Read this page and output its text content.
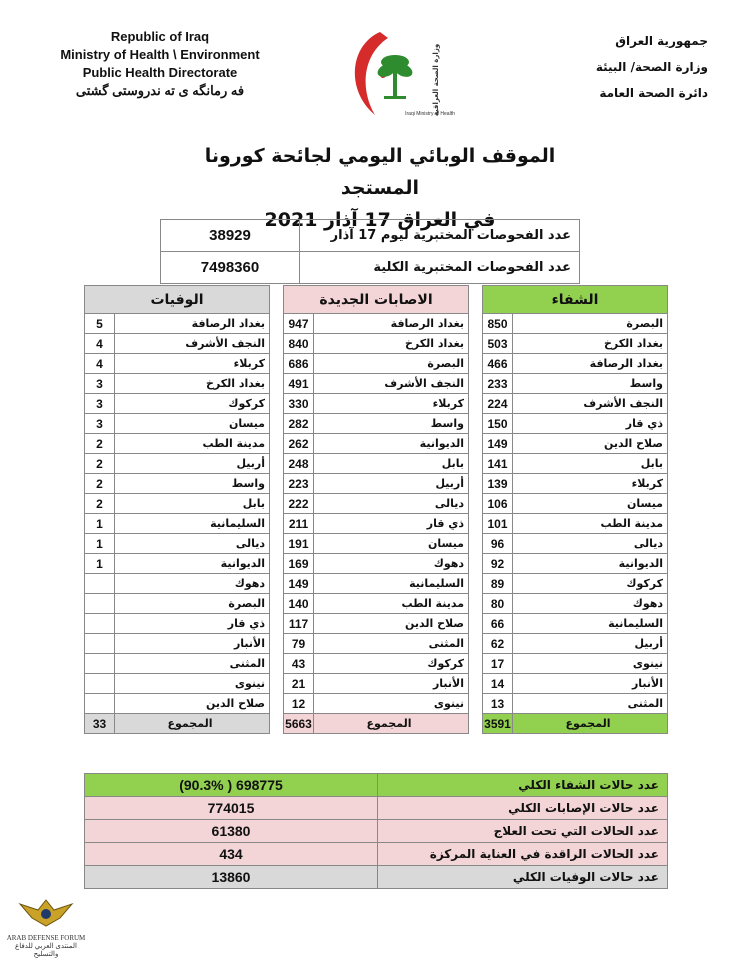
Republic of Iraq
Ministry of Health \ Environment
Public Health Directorate
فه رمانگه ی ته ندروستی گشتی	وزارة الصحة العراقية
Iraqi Ministry of Health
جمهورية العراق
وزارة الصحة/ البيئة
دائرة الصحة العامة
الموقف الوبائي اليومي لجائحة كورونا المستجد
في العراق 17 آذار 2021
عدد الفحوصات المختبرية ليوم 17 آذار	38929
عدد الفحوصات المختبرية الكلية	7498360
الشفاء	
البصرة	850
بغداد الكرخ	503
بغداد الرصافة	466
واسط	233
النجف الأشرف	224
ذي قار	150
صلاح الدين	149
بابل	141
كربلاء	139
ميسان	106
مدينة الطب	101
ديالى	96
الديوانية	92
كركوك	89
دهوك	80
السليمانية	66
أربيل	62
نينوى	17
الأنبار	14
المثنى	13
المجموع	3591
الاصابات الجديدة	
بغداد الرصافة	947
بغداد الكرخ	840
البصرة	686
النجف الأشرف	491
كربلاء	330
واسط	282
الديوانية	262
بابل	248
أربيل	223
ديالى	222
ذي قار	211
ميسان	191
دهوك	169
السليمانية	149
مدينة الطب	140
صلاح الدين	117
المثنى	79
كركوك	43
الأنبار	21
نينوى	12
المجموع	5663
الوفيات	
بغداد الرصافة	5
النجف الأشرف	4
كربلاء	4
بغداد الكرخ	3
كركوك	3
ميسان	3
مدينة الطب	2
أربيل	2
واسط	2
بابل	2
السليمانية	1
ديالى	1
الديوانية	1
دهوك	
البصرة	
ذي قار	
الأنبار	
المثنى	
نينوى	
صلاح الدين	
المجموع	33
عدد حالات الشفاء الكلي	698775 ( 90.3%)
عدد حالات الإصابات الكلي	774015
عدد الحالات التي تحت العلاج	61380
عدد الحالات الراقدة في العناية المركزة	434
عدد حالات الوفيات الكلي	13860
ARAB DEFENSE FORUM
المنتدى العربي للدفاع والتسليح
